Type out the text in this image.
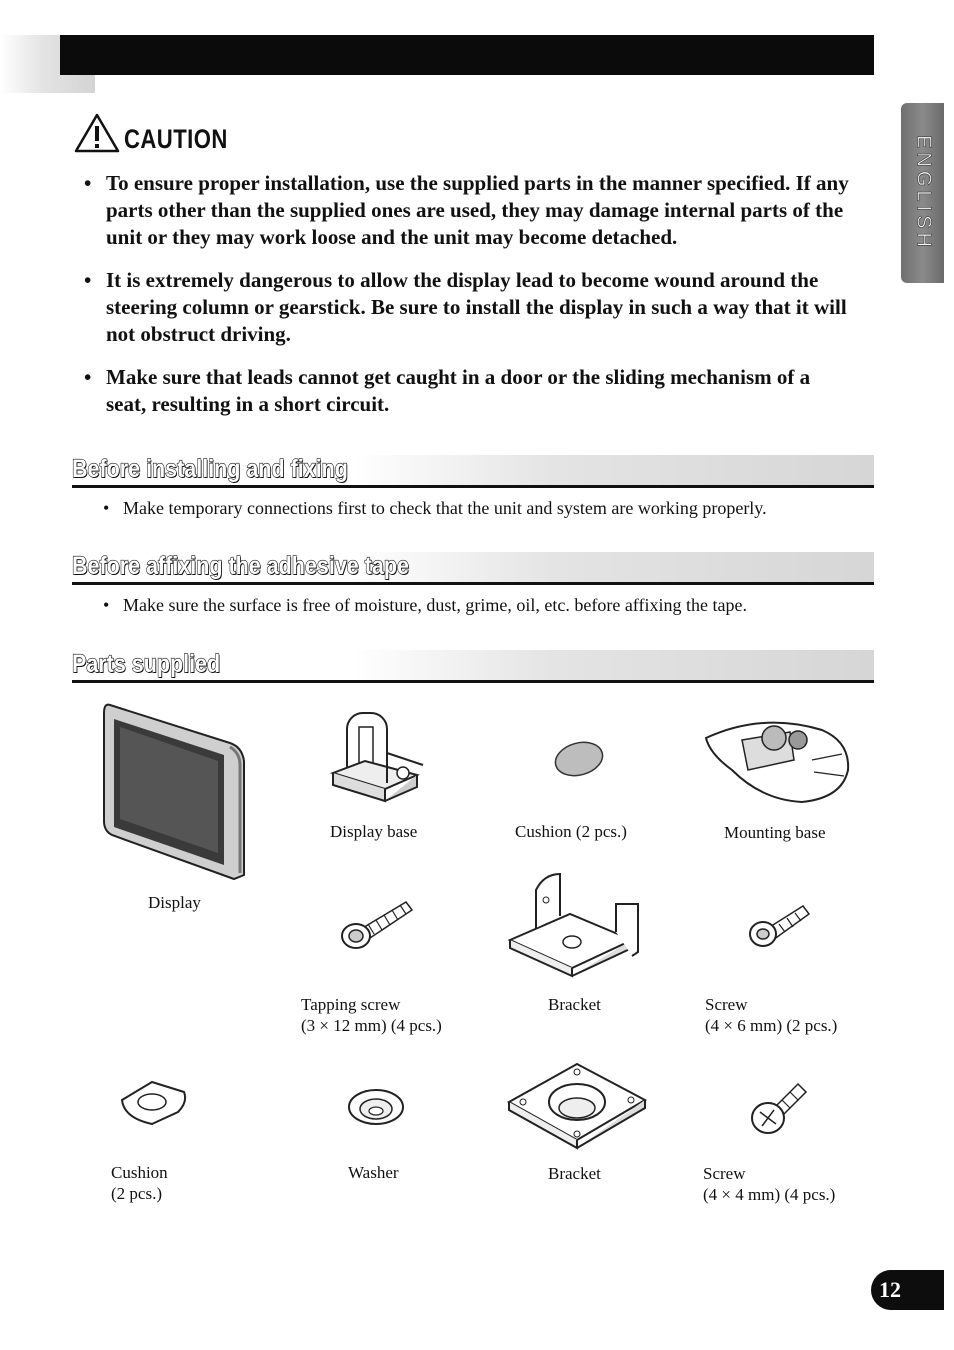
ENGLISH
CAUTION
• To ensure proper installation, use the supplied parts in the manner specified. If any parts other than the supplied ones are used, they may damage internal parts of the unit or they may work loose and the unit may become detached.
• It is extremely dangerous to allow the display lead to become wound around the steering column or gearstick. Be sure to install the display in such a way that it will not obstruct driving.
• Make sure that leads cannot get caught in a door or the sliding mechanism of a seat, resulting in a short circuit.
Before installing and fixing
• Make temporary connections first to check that the unit and system are working properly.
Before affixing the adhesive tape
• Make sure the surface is free of moisture, dust, grime, oil, etc. before affixing the tape.
Parts supplied
Display
Display base	Cushion (2 pcs.)	Mounting base
Tapping screw
(3 × 12 mm) (4 pcs.)
Bracket	Screw
(4 × 6 mm) (2 pcs.)
Cushion
(2 pcs.)
Washer	Bracket	Screw
(4 × 4 mm) (4 pcs.)
12
